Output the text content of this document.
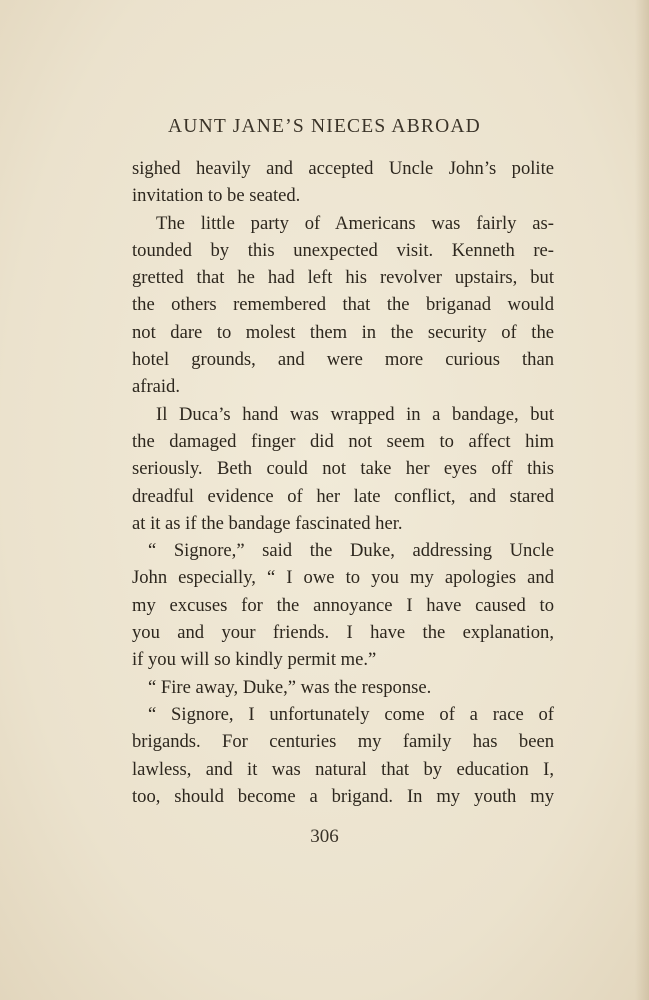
AUNT JANE’S NIECES ABROAD
sighed heavily and accepted Uncle John’s polite
invitation to be seated.
The little party of Americans was fairly as-
tounded by this unexpected visit. Kenneth re-
gretted that he had left his revolver upstairs, but
the others remembered that the briganad would
not dare to molest them in the security of the
hotel grounds, and were more curious than
afraid.
Il Duca’s hand was wrapped in a bandage, but
the damaged finger did not seem to affect him
seriously. Beth could not take her eyes off this
dreadful evidence of her late conflict, and stared
at it as if the bandage fascinated her.
“ Signore,” said the Duke, addressing Uncle
John especially, “ I owe to you my apologies and
my excuses for the annoyance I have caused to
you and your friends. I have the explanation,
if you will so kindly permit me.”
“ Fire away, Duke,” was the response.
“ Signore, I unfortunately come of a race of
brigands. For centuries my family has been
lawless, and it was natural that by education I,
too, should become a brigand. In my youth my
306
